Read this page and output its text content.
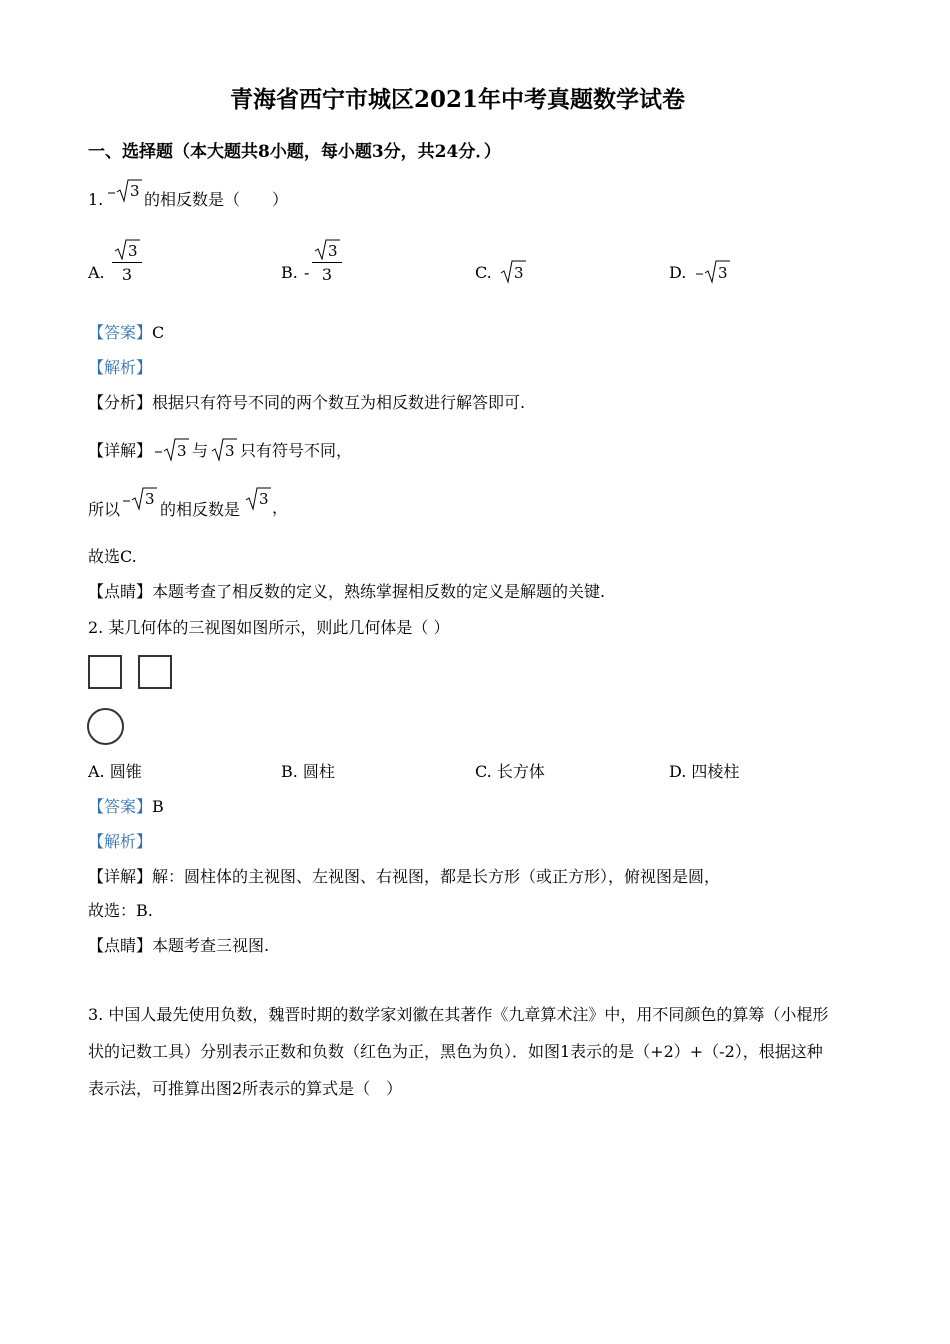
青海省西宁市城区2021年中考真题数学试卷
一、选择题（本大题共8小题，每小题3分，共24分．）
1. 3 的相反数是（　　）
A.
3
3	B. -
3
3	C. 3	D. 3
【答案】C
【解析】
【分析】根据只有符号不同的两个数互为相反数进行解答即可.
【详解】 3 与 3 只有符号不同，
所以
3
的相反数是
3 ，
故选C.
【点睛】本题考查了相反数的定义，熟练掌握相反数的定义是解题的关键.
2. 某几何体的三视图如图所示，则此几何体是（ ）
A. 圆锥	B. 圆柱	C. 长方体	D. 四棱柱
【答案】B
【解析】
【详解】解：圆柱体的主视图、左视图、右视图，都是长方形（或正方形），俯视图是圆，
故选：B.
【点睛】本题考查三视图.
3. 中国人最先使用负数，魏晋时期的数学家刘徽在其著作《九章算术注》中，用不同颜色的算筹（小棍形
状的记数工具）分别表示正数和负数（红色为正，黑色为负）．如图1表示的是（+2）+（-2），根据这种
表示法，可推算出图2所表示的算式是（　）
